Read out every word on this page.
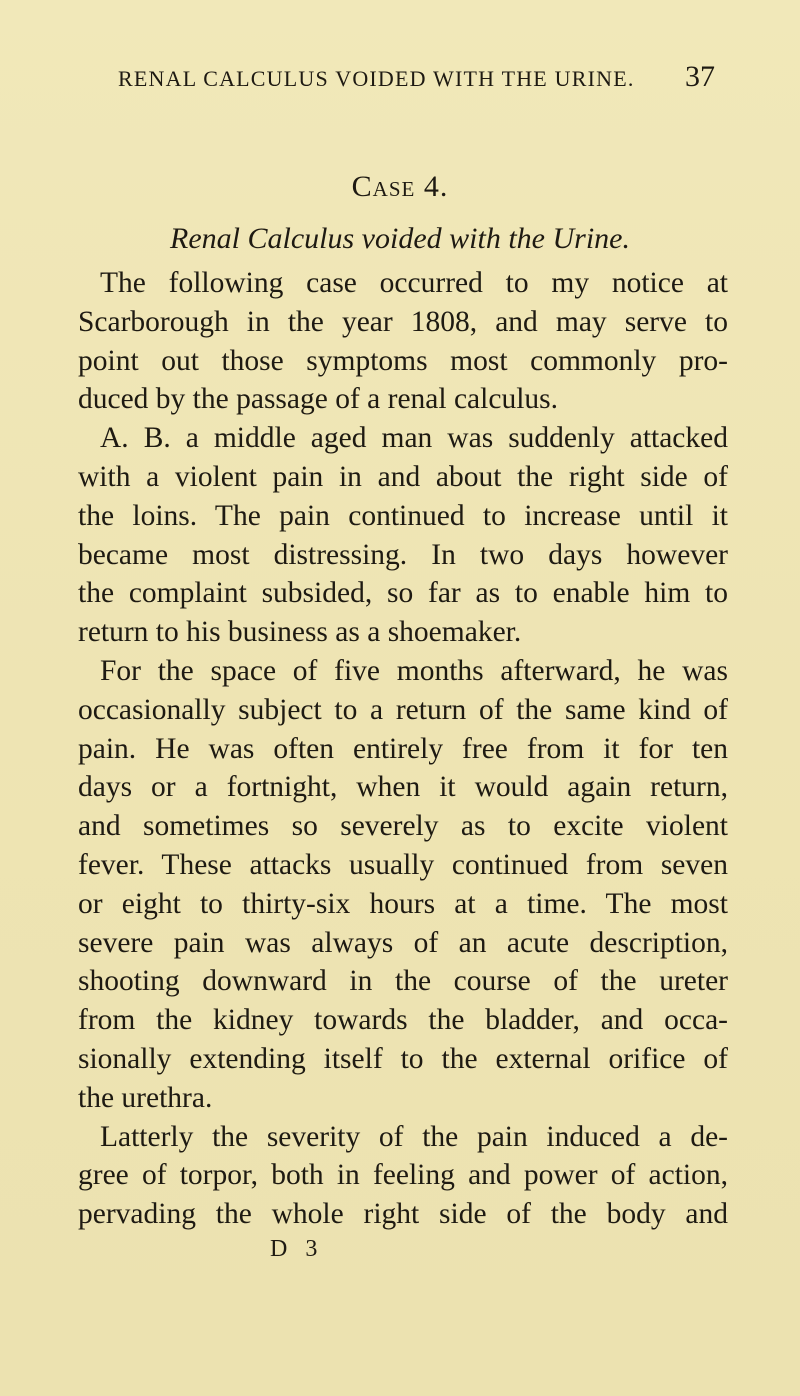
RENAL CALCULUS VOIDED WITH THE URINE.	37
Case 4.
Renal Calculus voided with the Urine.
The following case occurred to my notice at
Scarborough in the year 1808, and may serve to
point out those symptoms most commonly pro-
duced by the passage of a renal calculus.
A. B. a middle aged man was suddenly attacked
with a violent pain in and about the right side of
the loins. The pain continued to increase until it
became most distressing. In two days however
the complaint subsided, so far as to enable him to
return to his business as a shoemaker.
For the space of five months afterward, he was
occasionally subject to a return of the same kind of
pain. He was often entirely free from it for ten
days or a fortnight, when it would again return,
and sometimes so severely as to excite violent
fever. These attacks usually continued from seven
or eight to thirty-six hours at a time. The most
severe pain was always of an acute description,
shooting downward in the course of the ureter
from the kidney towards the bladder, and occa-
sionally extending itself to the external orifice of
the urethra.
Latterly the severity of the pain induced a de-
gree of torpor, both in feeling and power of action,
pervading the whole right side of the body and
D 3
